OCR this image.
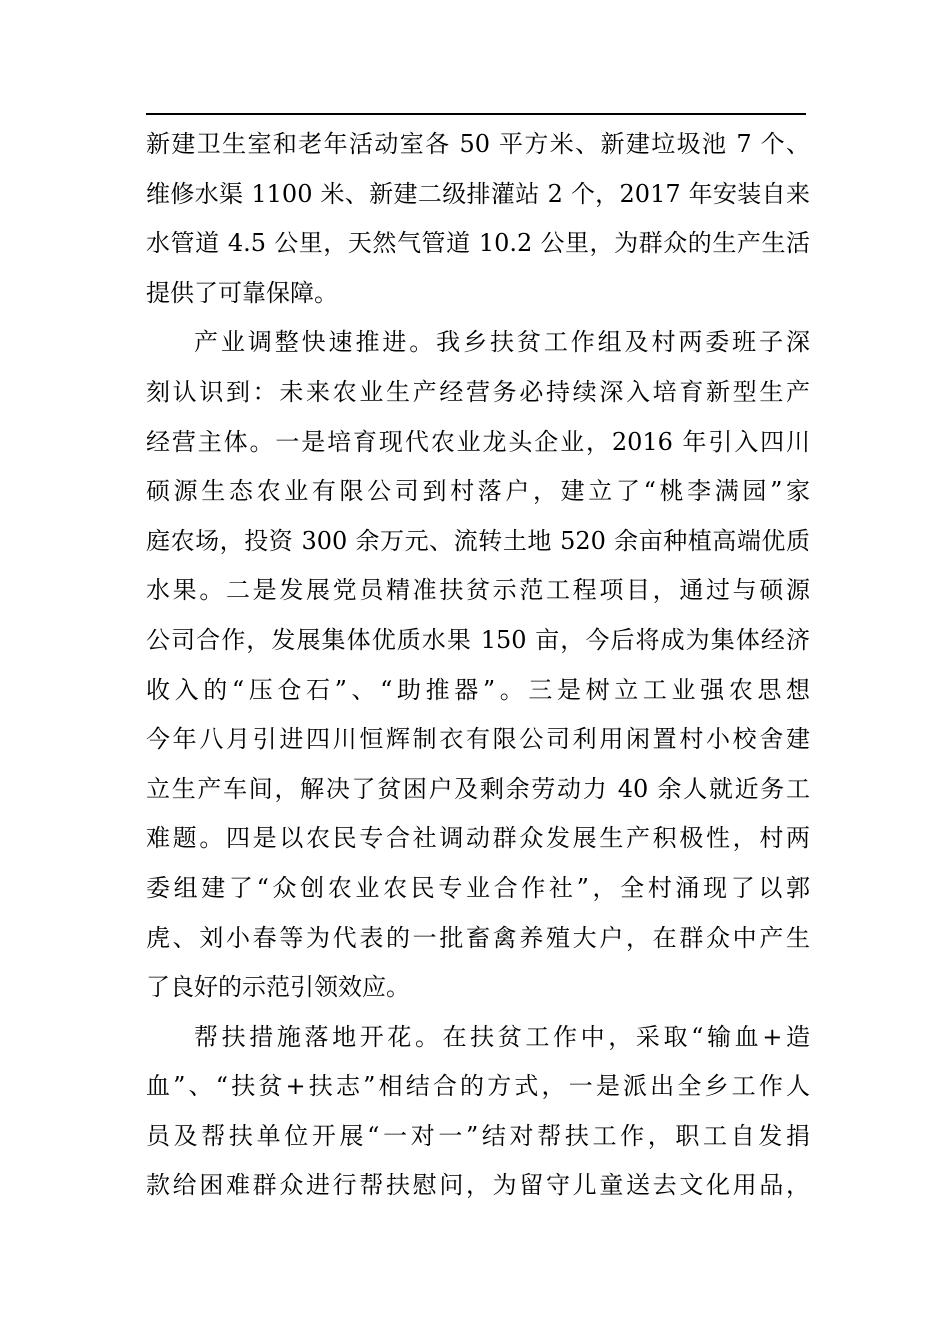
新建卫生室和老年活动室各 50 平方米、新建垃圾池 7 个、
维修水渠 1100 米、新建二级排灌站 2 个，2017 年安装自来
水管道 4.5 公里，天然气管道 10.2 公里，为群众的生产生活
提供了可靠保障。
产业调整快速推进。我乡扶贫工作组及村两委班子深
刻认识到：未来农业生产经营务必持续深入培育新型生产
经营主体。一是培育现代农业龙头企业，2016 年引入四川
硕源生态农业有限公司到村落户，建立了“桃李满园”家
庭农场，投资 300 余万元、流转土地 520 余亩种植高端优质
水果。二是发展党员精准扶贫示范工程项目，通过与硕源
公司合作，发展集体优质水果 150 亩，今后将成为集体经济
收入的“压仓石”、“助推器”。三是树立工业强农思想
今年八月引进四川恒辉制衣有限公司利用闲置村小校舍建
立生产车间，解决了贫困户及剩余劳动力 40 余人就近务工
难题。四是以农民专合社调动群众发展生产积极性，村两
委组建了“众创农业农民专业合作社”，全村涌现了以郭
虎、刘小春等为代表的一批畜禽养殖大户，在群众中产生
了良好的示范引领效应。
帮扶措施落地开花。在扶贫工作中，采取“输血+造
血”、“扶贫+扶志”相结合的方式，一是派出全乡工作人
员及帮扶单位开展“一对一”结对帮扶工作，职工自发捐
款给困难群众进行帮扶慰问，为留守儿童送去文化用品，
